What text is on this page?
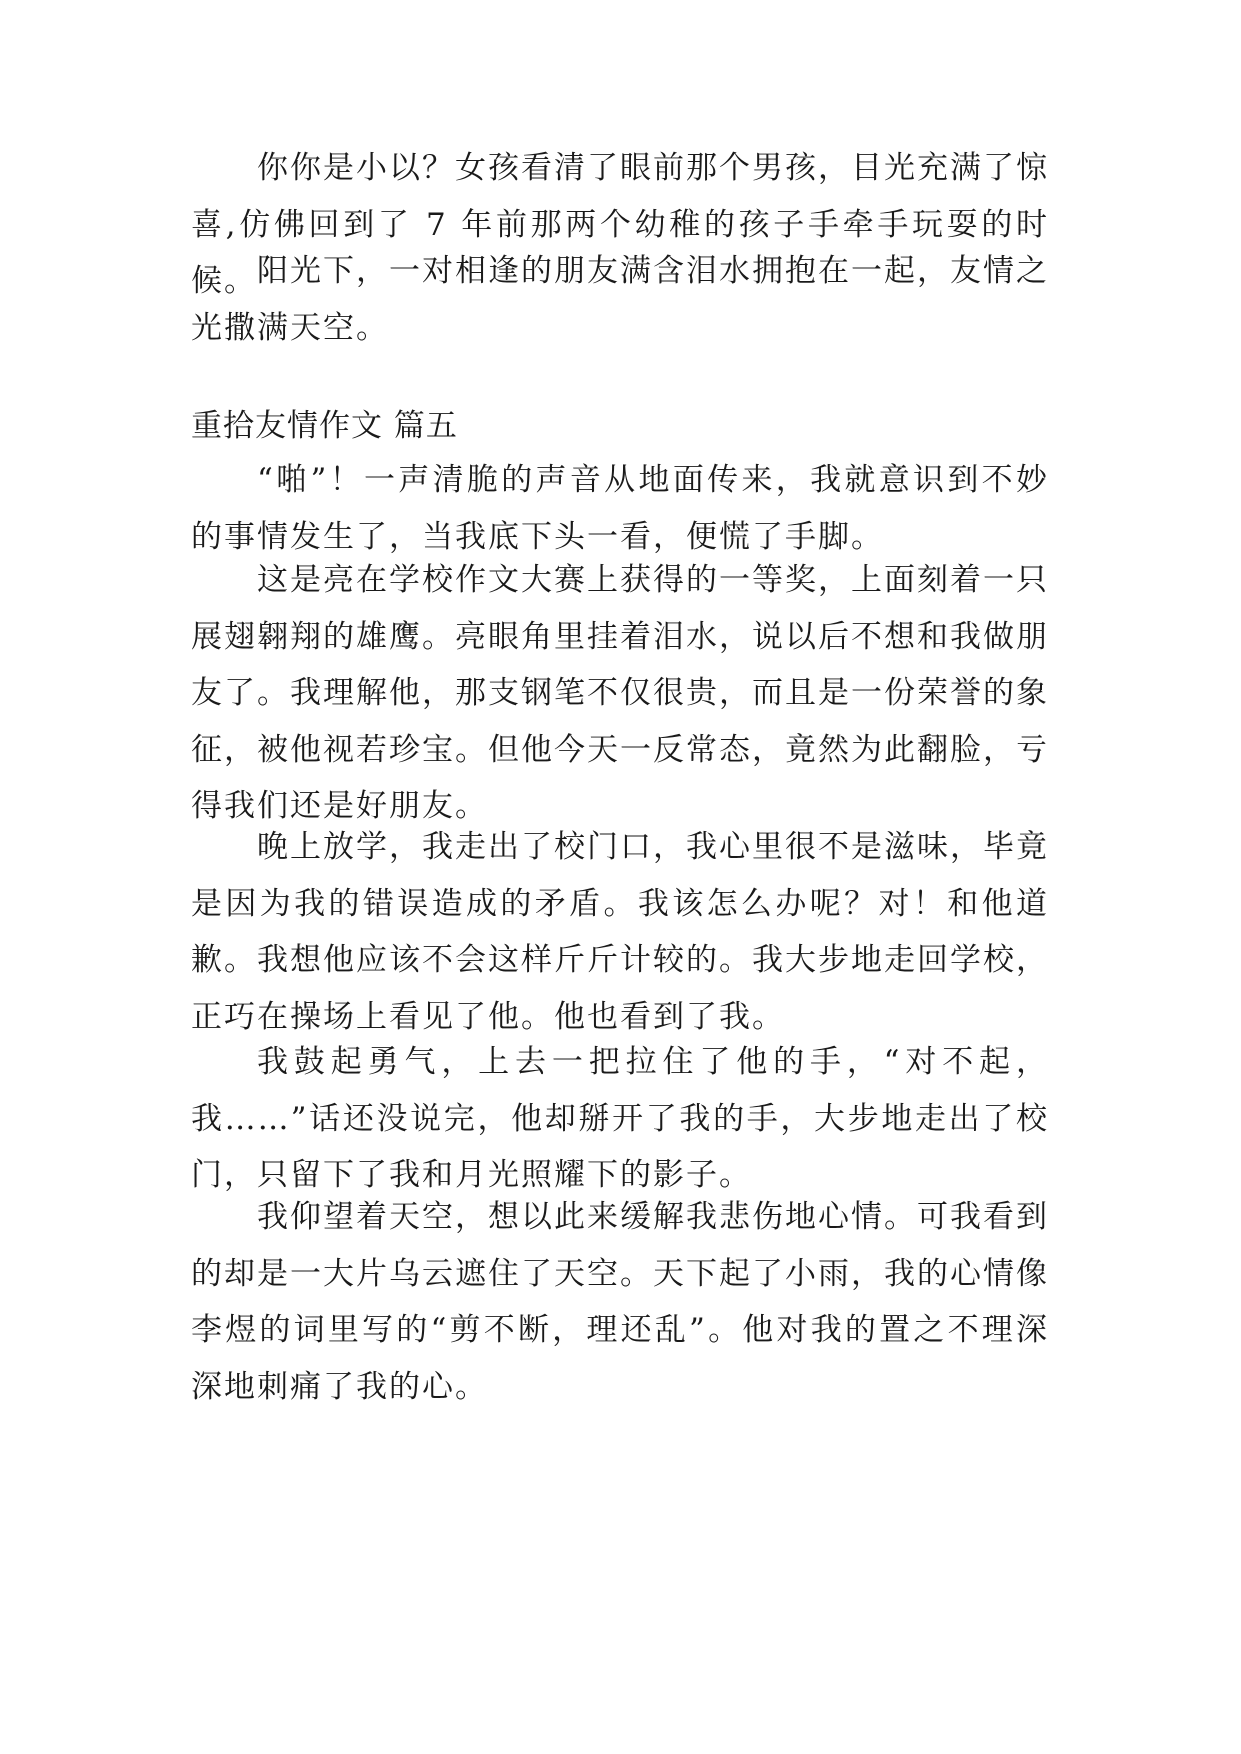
你你是小以？女孩看清了眼前那个男孩，目光充满了惊喜,仿佛回到了 7 年前那两个幼稚的孩子手牵手玩耍的时候。 阳光下，一对相逢的朋友满含泪水拥抱在一起，友情之光撒满天空。

重拾友情作文 篇五

“啪”！一声清脆的声音从地面传来，我就意识到不妙的事情发生了，当我底下头一看，便慌了手脚。

这是亮在学校作文大赛上获得的一等奖，上面刻着一只展翅翱翔的雄鹰。亮眼角里挂着泪水，说以后不想和我做朋友了。我理解他，那支钢笔不仅很贵，而且是一份荣誉的象征，被他视若珍宝。但他今天一反常态，竟然为此翻脸，亏得我们还是好朋友。

晚上放学，我走出了校门口，我心里很不是滋味，毕竟是因为我的错误造成的矛盾。我该怎么办呢？对！和他道歉。我想他应该不会这样斤斤计较的。我大步地走回学校，正巧在操场上看见了他。他也看到了我。

我鼓起勇气，上去一把拉住了他的手，“对不起，我……”话还没说完，他却掰开了我的手，大步地走出了校门，只留下了我和月光照耀下的影子。

我仰望着天空，想以此来缓解我悲伤地心情。可我看到的却是一大片乌云遮住了天空。天下起了小雨，我的心情像李煜的词里写的“剪不断，理还乱”。他对我的置之不理深深地刺痛了我的心。
